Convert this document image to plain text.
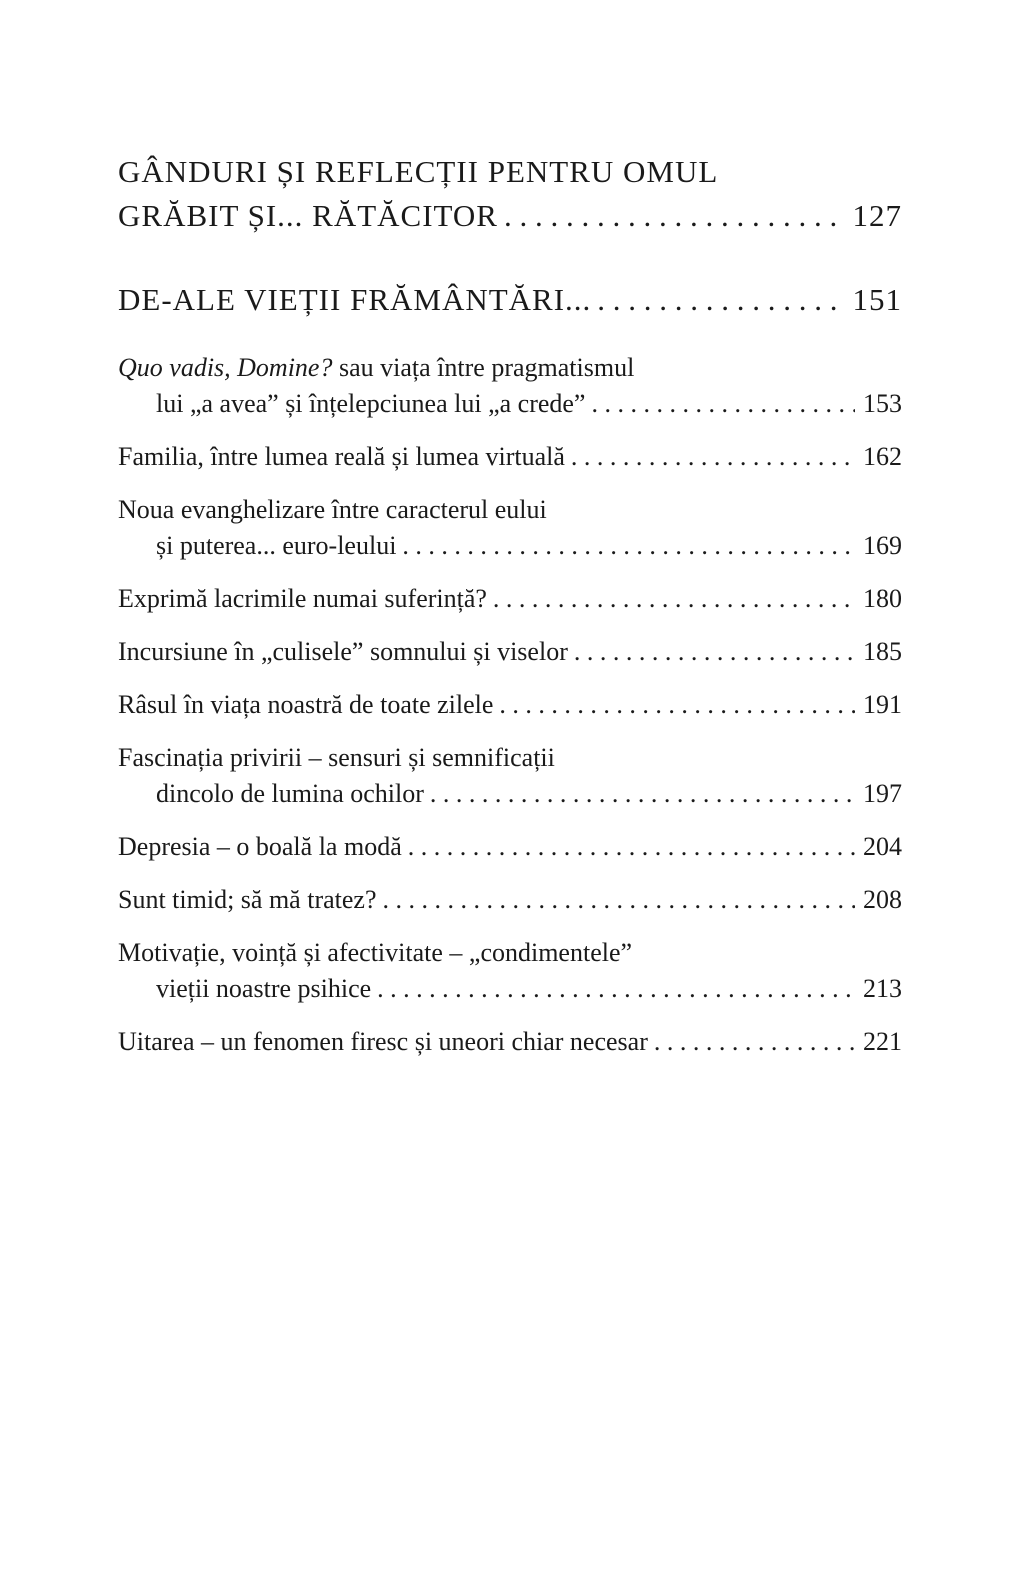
GÂNDURI ȘI REFLECȚII PENTRU OMUL
GRĂBIT ȘI... RĂTĂCITOR . . .	127
DE-ALE VIEȚII FRĂMÂNTĂRI... . . .	151
Quo vadis, Domine? sau viața între pragmatismul
lui „a avea” și înțelepciunea lui „a crede” . . .	153
Familia, între lumea reală și lumea virtuală . . .	162
Noua evanghelizare între caracterul eului
și puterea... euro-leului . . .	169
Exprimă lacrimile numai suferință? . . .	180
Incursiune în „culisele” somnului și viselor . . .	185
Râsul în viața noastră de toate zilele . . .	191
Fascinația privirii – sensuri și semnificații
dincolo de lumina ochilor . . .	197
Depresia – o boală la modă . . .	204
Sunt timid; să mă tratez? . . .	208
Motivație, voință și afectivitate – „condimentele”
vieții noastre psihice . . .	213
Uitarea – un fenomen firesc și uneori chiar necesar . . .	221
